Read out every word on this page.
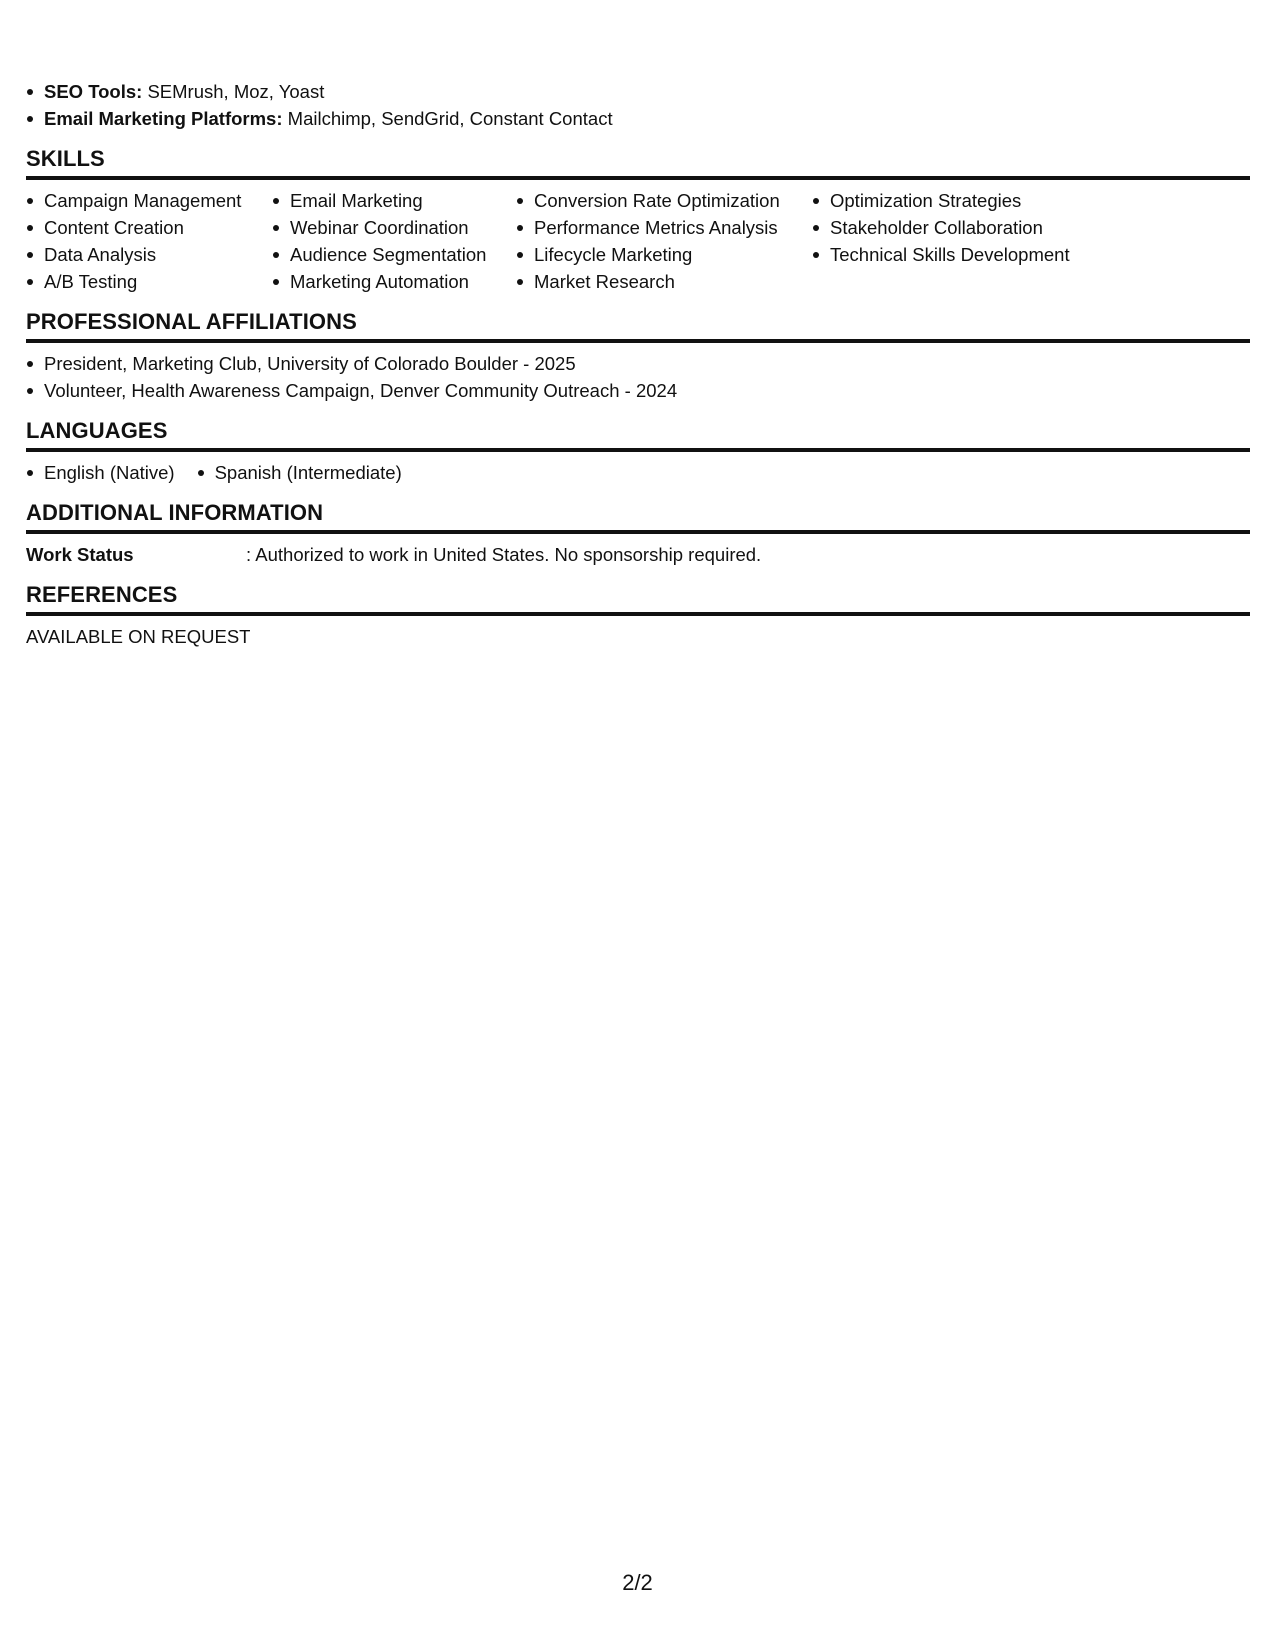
SEO Tools: SEMrush, Moz, Yoast
Email Marketing Platforms: Mailchimp, SendGrid, Constant Contact
SKILLS
Campaign Management
Content Creation
Data Analysis
A/B Testing
Email Marketing
Webinar Coordination
Audience Segmentation
Marketing Automation
Conversion Rate Optimization
Performance Metrics Analysis
Lifecycle Marketing
Market Research
Optimization Strategies
Stakeholder Collaboration
Technical Skills Development
PROFESSIONAL AFFILIATIONS
President, Marketing Club, University of Colorado Boulder - 2025
Volunteer, Health Awareness Campaign, Denver Community Outreach - 2024
LANGUAGES
English (Native)	Spanish (Intermediate)
ADDITIONAL INFORMATION
Work Status	: Authorized to work in United States. No sponsorship required.
REFERENCES
AVAILABLE ON REQUEST
2/2
